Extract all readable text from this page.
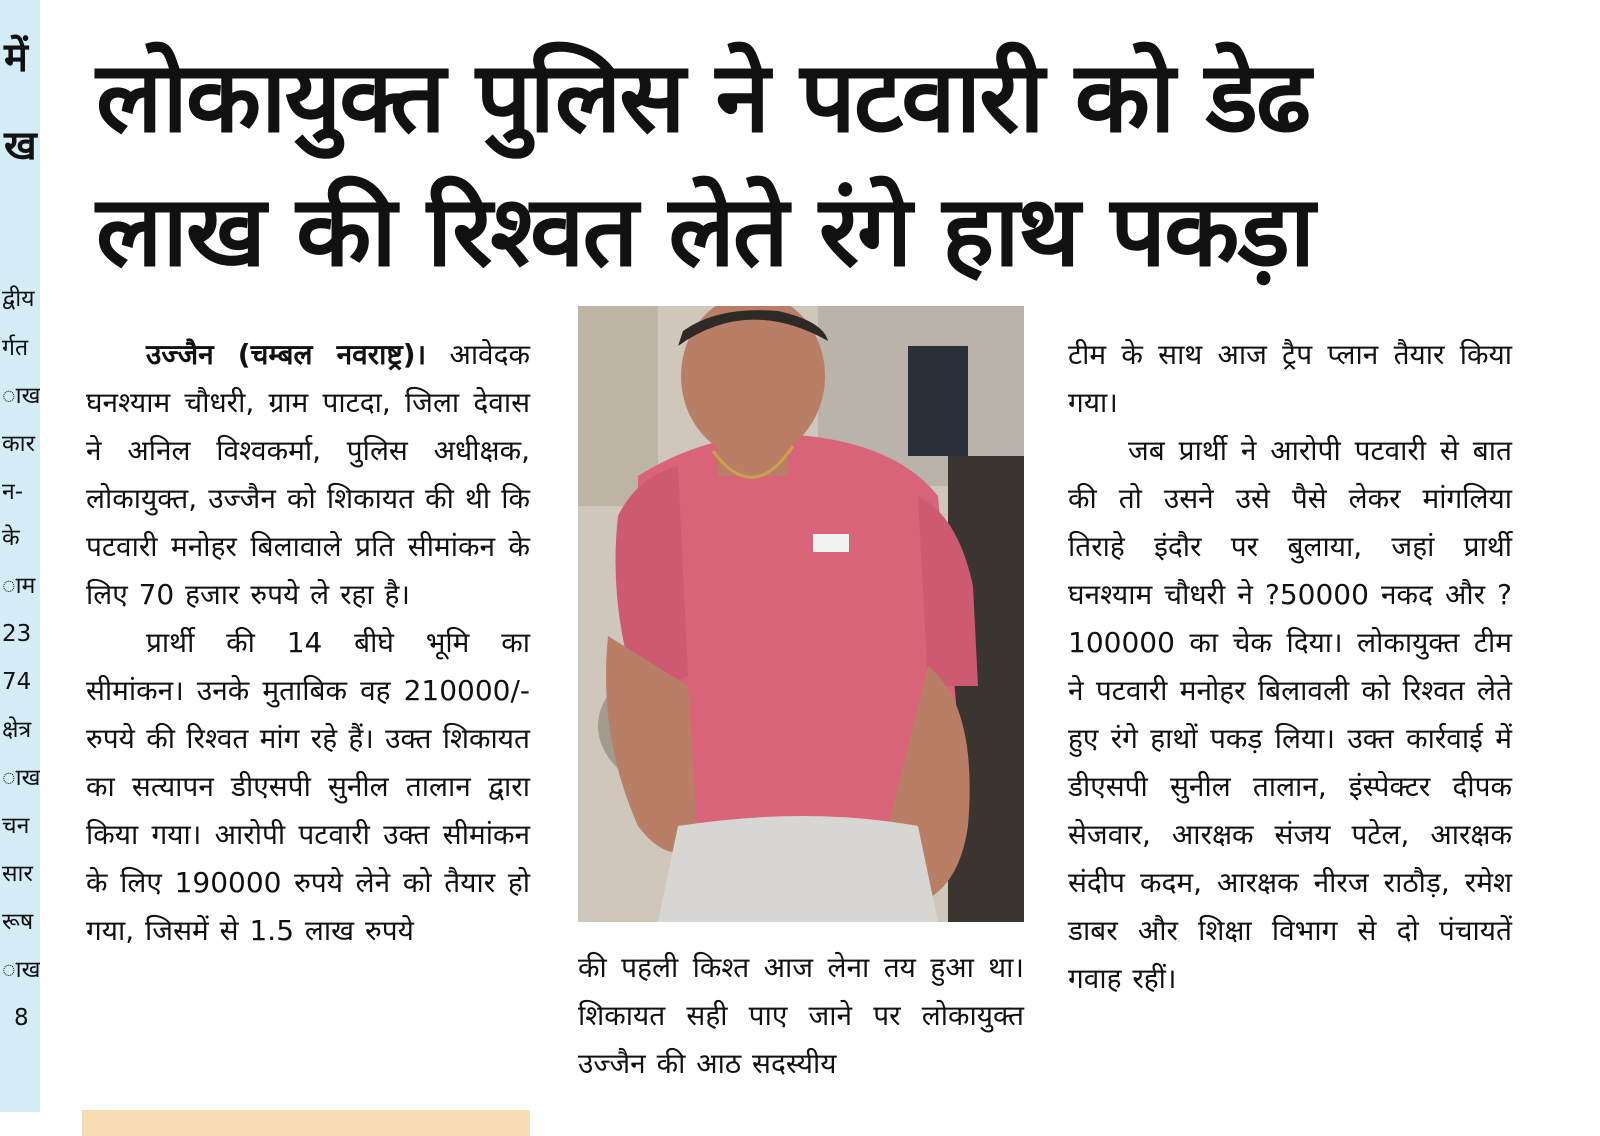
में
ख
द्वीय
र्गत
ाख
कार
न-
के
ाम
23
74
क्षेत्र
ाख
चन
सार
रूष
ाख
8
लोकायुक्त पुलिस ने पटवारी को डेढ
लाख की रिश्वत लेते रंगे हाथ पकड़ा

उज्जैन (चम्बल नवराष्ट्र)। आवेदक घनश्याम चौधरी, ग्राम पाटदा, जिला देवास ने अनिल विश्वकर्मा, पुलिस अधीक्षक, लोकायुक्त, उज्जैन को शिकायत की थी कि पटवारी मनोहर बिलावाले प्रति सीमांकन के लिए 70 हजार रुपये ले रहा है।

प्रार्थी की 14 बीघे भूमि का सीमांकन। उनके मुताबिक वह 210000/- रुपये की रिश्वत मांग रहे हैं। उक्त शिकायत का सत्यापन डीएसपी सुनील तालान द्वारा किया गया। आरोपी पटवारी उक्त सीमांकन के लिए 190000 रुपये लेने को तैयार हो गया, जिसमें से 1.5 लाख रुपये

की पहली किश्त आज लेना तय हुआ था। शिकायत सही पाए जाने पर लोकायुक्त उज्जैन की आठ सदस्यीय

टीम के साथ आज ट्रैप प्लान तैयार किया गया।

जब प्रार्थी ने आरोपी पटवारी से बात की तो उसने उसे पैसे लेकर मांगलिया तिराहे इंदौर पर बुलाया, जहां प्रार्थी घनश्याम चौधरी ने ?50000 नकद और ?100000 का चेक दिया। लोकायुक्त टीम ने पटवारी मनोहर बिलावली को रिश्वत लेते हुए रंगे हाथों पकड़ लिया। उक्त कार्रवाई में डीएसपी सुनील तालान, इंस्पेक्टर दीपक सेजवार, आरक्षक संजय पटेल, आरक्षक संदीप कदम, आरक्षक नीरज राठौड़, रमेश डाबर और शिक्षा विभाग से दो पंचायतें गवाह रहीं।
